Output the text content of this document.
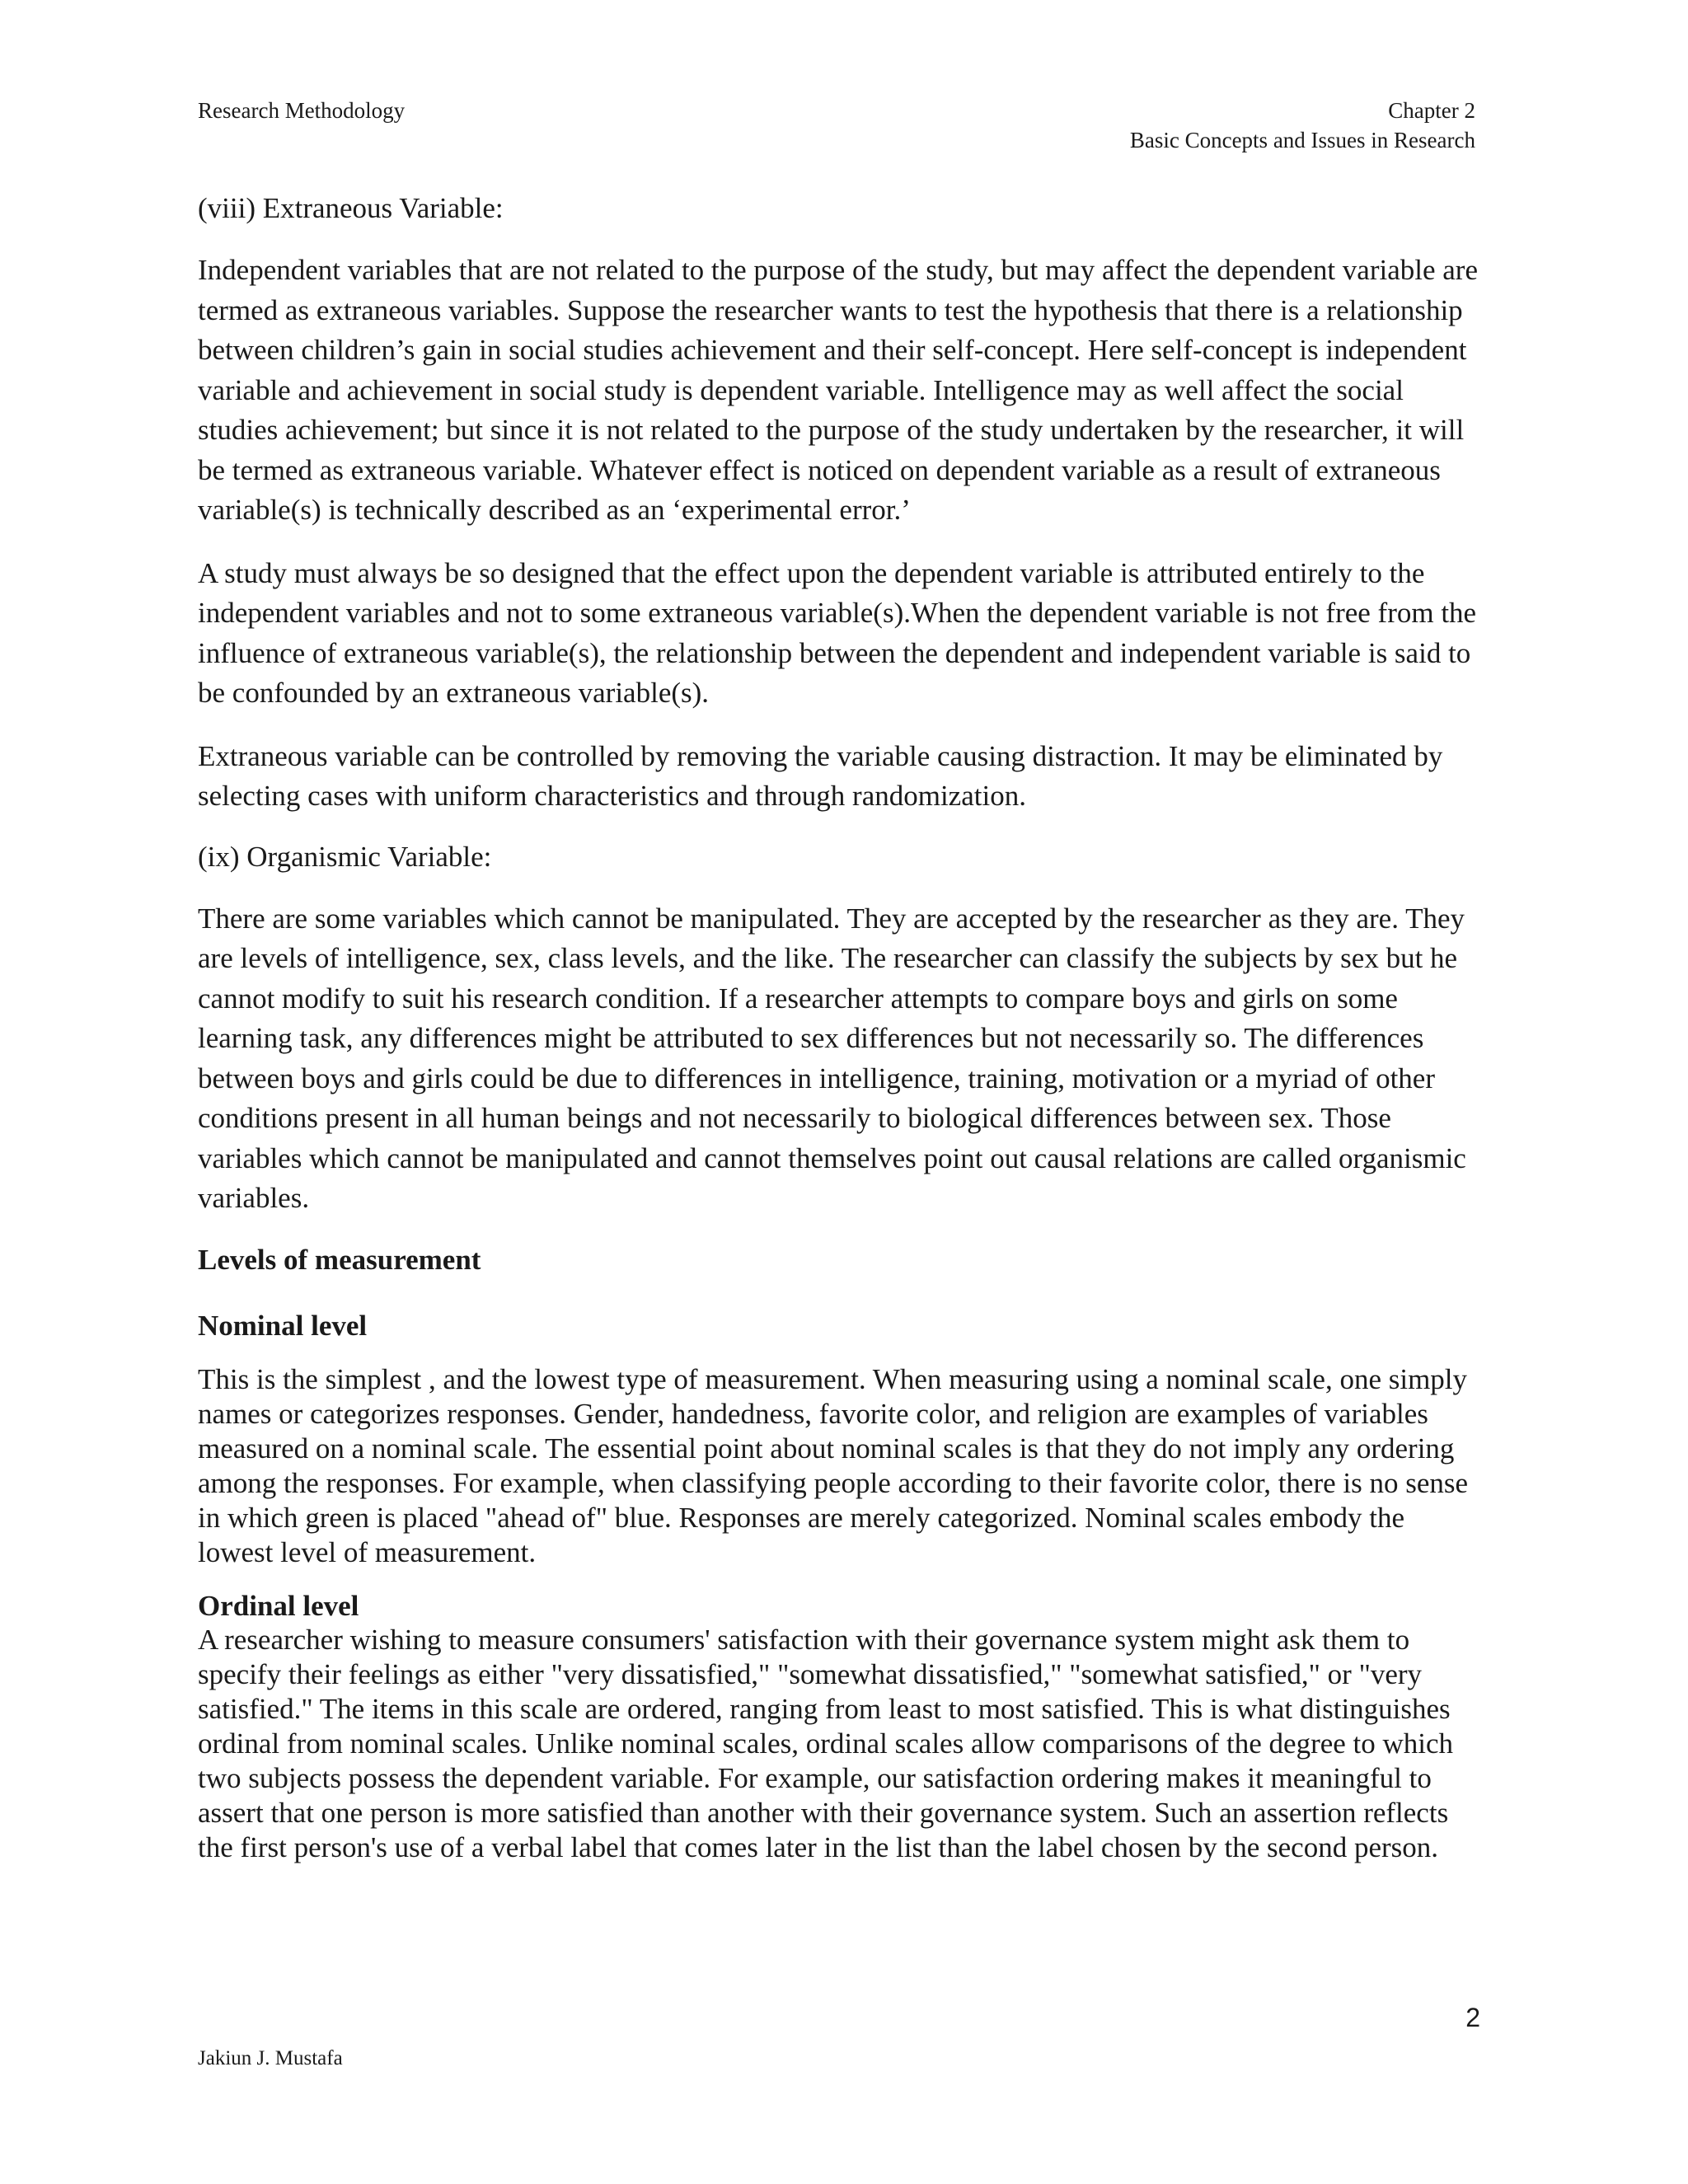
Research Methodology	Chapter 2
Basic Concepts and Issues in Research

(viii) Extraneous Variable:

Independent variables that are not related to the purpose of the study, but may affect the dependent variable are termed as extraneous variables. Suppose the researcher wants to test the hypothesis that there is a relationship between children’s gain in social studies achievement and their self-concept. Here self-concept is independent variable and achievement in social study is dependent variable. Intelligence may as well affect the social studies achievement; but since it is not related to the purpose of the study undertaken by the researcher, it will be termed as extraneous variable. Whatever effect is noticed on dependent variable as a result of extraneous variable(s) is technically described as an ‘experimental error.’

A study must always be so designed that the effect upon the dependent variable is attributed entirely to the independent variables and not to some extraneous variable(s).When the dependent variable is not free from the influence of extraneous variable(s), the relationship between the dependent and independent variable is said to be confounded by an extraneous variable(s).

Extraneous variable can be controlled by removing the variable causing distraction. It may be eliminated by selecting cases with uniform characteristics and through randomization.

(ix) Organismic Variable:

There are some variables which cannot be manipulated. They are accepted by the researcher as they are. They are levels of intelligence, sex, class levels, and the like. The researcher can classify the subjects by sex but he cannot modify to suit his research condition. If a researcher attempts to compare boys and girls on some learning task, any differences might be attributed to sex differences but not necessarily so. The differences between boys and girls could be due to differences in intelligence, training, motivation or a myriad of other conditions present in all human beings and not necessarily to biological differences between sex. Those variables which cannot be manipulated and cannot themselves point out causal relations are called organismic variables.

Levels of measurement

Nominal level

This is the simplest , and the lowest type of measurement. When measuring using a nominal scale, one simply names or categorizes responses. Gender, handedness, favorite color, and religion are examples of variables measured on a nominal scale. The essential point about nominal scales is that they do not imply any ordering among the responses. For example, when classifying people according to their favorite color, there is no sense in which green is placed "ahead of" blue. Responses are merely categorized. Nominal scales embody the lowest level of measurement.

Ordinal level

A researcher wishing to measure consumers' satisfaction with their governance system might ask them to specify their feelings as either "very dissatisfied," "somewhat dissatisfied," "somewhat satisfied," or "very satisfied." The items in this scale are ordered, ranging from least to most satisfied. This is what distinguishes ordinal from nominal scales. Unlike nominal scales, ordinal scales allow comparisons of the degree to which two subjects possess the dependent variable. For example, our satisfaction ordering makes it meaningful to assert that one person is more satisfied than another with their governance system. Such an assertion reflects the first person's use of a verbal label that comes later in the list than the label chosen by the second person.

2
Jakiun J. Mustafa
